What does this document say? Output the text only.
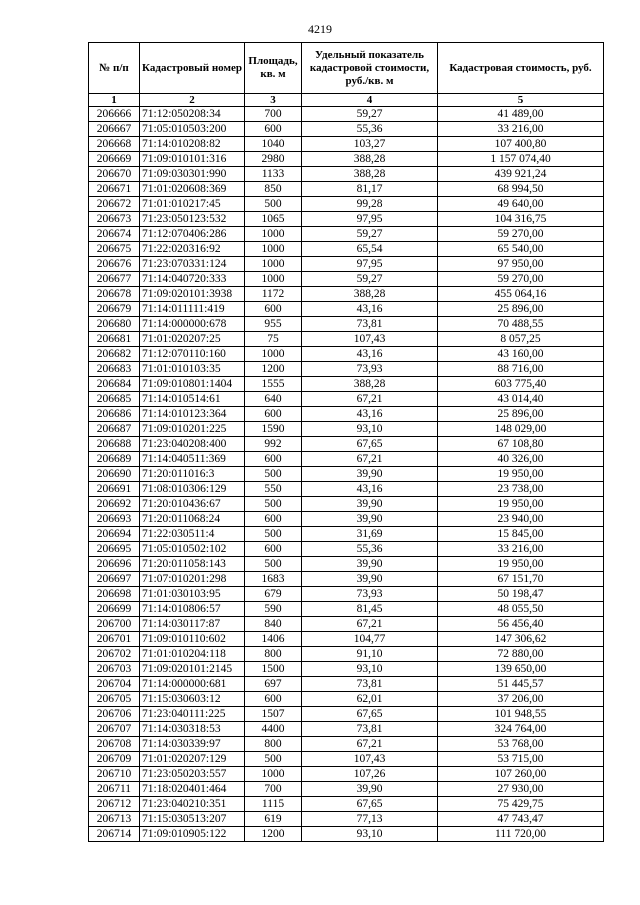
4219
№ п/п	Кадастровый номер	Площадь, кв. м	Удельный показатель кадастровой стоимости, руб./кв. м	Кадастровая стоимость, руб.
1	2	3	4	5
206666	71:12:050208:34	700	59,27	41 489,00
206667	71:05:010503:200	600	55,36	33 216,00
206668	71:14:010208:82	1040	103,27	107 400,80
206669	71:09:010101:316	2980	388,28	1 157 074,40
206670	71:09:030301:990	1133	388,28	439 921,24
206671	71:01:020608:369	850	81,17	68 994,50
206672	71:01:010217:45	500	99,28	49 640,00
206673	71:23:050123:532	1065	97,95	104 316,75
206674	71:12:070406:286	1000	59,27	59 270,00
206675	71:22:020316:92	1000	65,54	65 540,00
206676	71:23:070331:124	1000	97,95	97 950,00
206677	71:14:040720:333	1000	59,27	59 270,00
206678	71:09:020101:3938	1172	388,28	455 064,16
206679	71:14:011111:419	600	43,16	25 896,00
206680	71:14:000000:678	955	73,81	70 488,55
206681	71:01:020207:25	75	107,43	8 057,25
206682	71:12:070110:160	1000	43,16	43 160,00
206683	71:01:010103:35	1200	73,93	88 716,00
206684	71:09:010801:1404	1555	388,28	603 775,40
206685	71:14:010514:61	640	67,21	43 014,40
206686	71:14:010123:364	600	43,16	25 896,00
206687	71:09:010201:225	1590	93,10	148 029,00
206688	71:23:040208:400	992	67,65	67 108,80
206689	71:14:040511:369	600	67,21	40 326,00
206690	71:20:011016:3	500	39,90	19 950,00
206691	71:08:010306:129	550	43,16	23 738,00
206692	71:20:010436:67	500	39,90	19 950,00
206693	71:20:011068:24	600	39,90	23 940,00
206694	71:22:030511:4	500	31,69	15 845,00
206695	71:05:010502:102	600	55,36	33 216,00
206696	71:20:011058:143	500	39,90	19 950,00
206697	71:07:010201:298	1683	39,90	67 151,70
206698	71:01:030103:95	679	73,93	50 198,47
206699	71:14:010806:57	590	81,45	48 055,50
206700	71:14:030117:87	840	67,21	56 456,40
206701	71:09:010110:602	1406	104,77	147 306,62
206702	71:01:010204:118	800	91,10	72 880,00
206703	71:09:020101:2145	1500	93,10	139 650,00
206704	71:14:000000:681	697	73,81	51 445,57
206705	71:15:030603:12	600	62,01	37 206,00
206706	71:23:040111:225	1507	67,65	101 948,55
206707	71:14:030318:53	4400	73,81	324 764,00
206708	71:14:030339:97	800	67,21	53 768,00
206709	71:01:020207:129	500	107,43	53 715,00
206710	71:23:050203:557	1000	107,26	107 260,00
206711	71:18:020401:464	700	39,90	27 930,00
206712	71:23:040210:351	1115	67,65	75 429,75
206713	71:15:030513:207	619	77,13	47 743,47
206714	71:09:010905:122	1200	93,10	111 720,00
